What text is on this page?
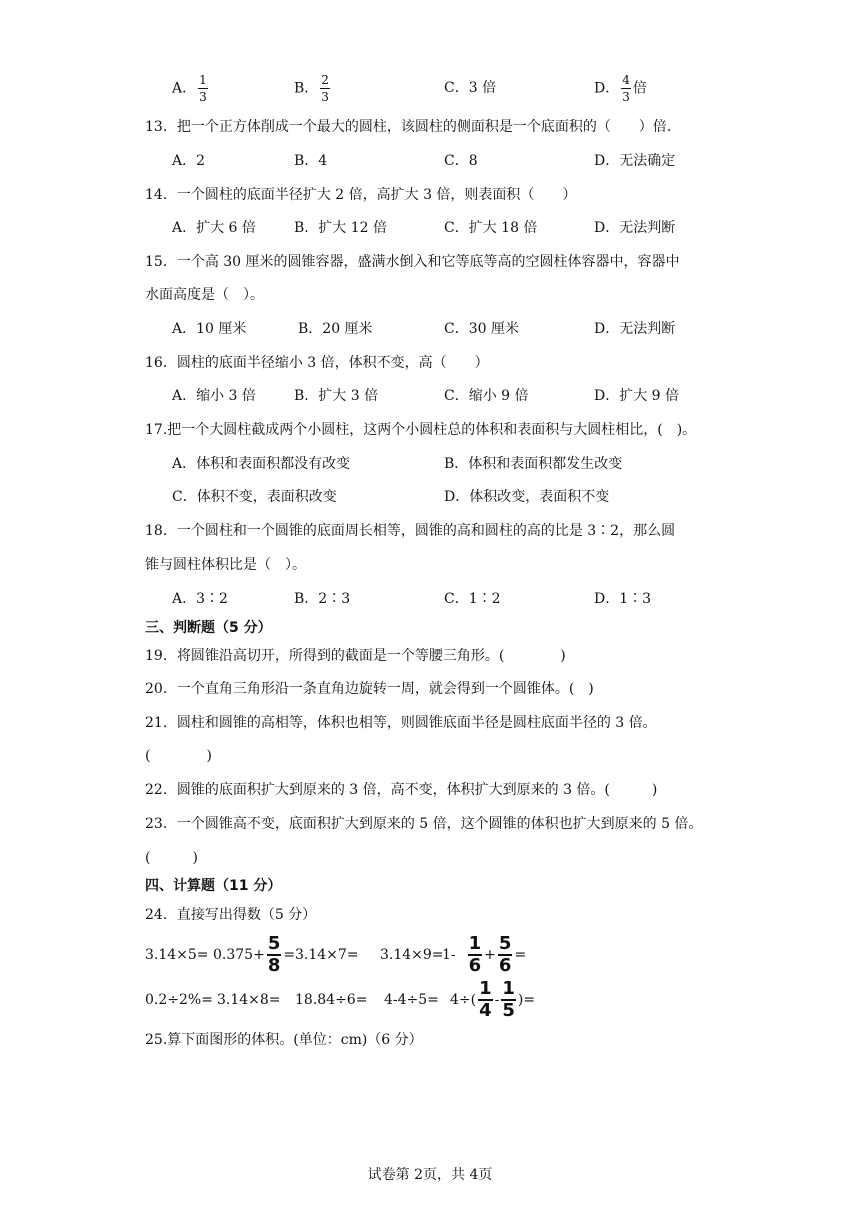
A． $\frac{1}{3}$	B． $\frac{2}{3}$	C．3 倍	D． $\frac{4}{3}$ 倍
13．把一个正方体削成一个最大的圆柱，该圆柱的侧面积是一个底面积的（　　）倍.
A．2	B．4	C．8	D．无法确定
14．一个圆柱的底面半径扩大 2 倍，高扩大 3 倍，则表面积（　　）
A．扩大 6 倍	B．扩大 12 倍	C．扩大 18 倍	D．无法判断
15．一个高 30 厘米的圆锥容器，盛满水倒入和它等底等高的空圆柱体容器中，容器中
水面高度是（　）。
A．10 厘米	B．20 厘米	C．30 厘米	D．无法判断
16．圆柱的底面半径缩小 3 倍，体积不变，高（　　）
A．缩小 3 倍	B．扩大 3 倍	C．缩小 9 倍	D．扩大 9 倍
17.把一个大圆柱截成两个小圆柱，这两个小圆柱总的体积和表面积与大圆柱相比，(　)。
A．体积和表面积都没有改变	B．体积和表面积都发生改变
C．体积不变，表面积改变	D．体积改变，表面积不变
18．一个圆柱和一个圆锥的底面周长相等，圆锥的高和圆柱的高的比是 3∶2，那么圆
锥与圆柱体积比是（　）。
A．3∶2	B．2∶3	C．1∶2	D．1∶3
三、判断题（5 分）
19．将圆锥沿高切开，所得到的截面是一个等腰三角形。(　　　　)
20．一个直角三角形沿一条直角边旋转一周，就会得到一个圆锥体。(　)
21．圆柱和圆锥的高相等，体积也相等，则圆锥底面半径是圆柱底面半径的 3 倍。
(　　　　)
22．圆锥的底面积扩大到原来的 3 倍，高不变，体积扩大到原来的 3 倍。(　　　)
23．一个圆锥高不变，底面积扩大到原来的 5 倍，这个圆锥的体积也扩大到原来的 5 倍。
(　　　)
四、计算题（11 分）
24．直接写出得数（5 分）
$3.14\times 5= 0.375+ \frac{5}{8} = 3.14\times 7= 3.14\times 9=$
$1- \frac{1}{6} + \frac{5}{6}$ =
$0.2\div 2\%= 3.14\times 8= 18.84\div 6= 4-4\div 5= 4\div( \frac{1}{4} - \frac{1}{5}$ )=
25.算下面图形的体积。(单位：cm)（6 分）
试卷第 2页，共 4页
